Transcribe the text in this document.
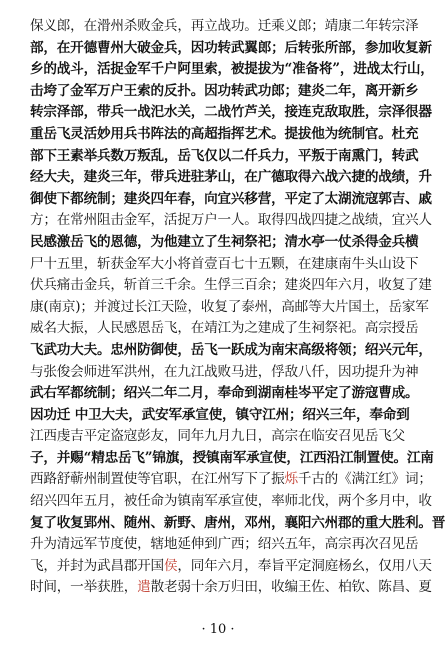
保义郎，在滑州杀败金兵，再立战功。迁乘义郎；靖康二年转宗泽
部，在开德曹州大破金兵，因功转武翼郎；后转张所部，参加收复新
乡的战斗，活捉金军千户阿里索，被提拔为“准备将”，进战太行山，
击垮了金军万户王索的反扑。因功转武功郎；建炎二年，离开新乡
转宗泽部，带兵一战汜水关，二战竹芦关，接连克敌取胜，宗泽很器
重岳飞灵活妙用兵书阵法的高超指挥艺术。提拔他为统制官。杜充
部下王素举兵数万叛乱，岳飞仅以二仟兵力，平叛于南熏门，转武
经大夫，建炎三年，带兵进驻茅山，在广德取得六战六捷的战绩，升
御使下都统制；建炎四年春，向宜兴移营，平定了太湖流寇郭吉、戚
方；在常州阻击金军，活捉万户一人。取得四战四捷之战绩，宜兴人
民感激岳飞的恩德，为他建立了生祠祭祀；清水亭一仗杀得金兵横
尸十五里，斩获金军大小将首壹百七十五颗，在建康南牛头山设下
伏兵痛击金兵，斩首三千余。生俘三百余；建炎四年六月，收复了建
康(南京)；并渡过长江天险，收复了泰州，高邮等大片国土，岳家军
威名大振，人民感恩岳飞，在靖江为之建成了生祠祭祀。高宗授岳
飞武功大夫。忠州防御使，岳飞一跃成为南宋高级将领；绍兴元年，
与张俊会师进军洪州，在九江战败马进，俘敌八仟，因功提升为神
武右军都统制；绍兴二年二月，奉命到湖南桂岑平定了游寇曹成。
因功迁 中卫大夫，武安军承宣使，镇守江州；绍兴三年，奉命到
江西虔吉平定盗寇彭友，同年九月九日，高宗在临安召见岳飞父
子，并赐“精忠岳飞”锦旗，授镇南军承宣使，江西沿江制置使。江南
西路舒蕲州制置使等官职，在江州写下了振烁千古的《满江红》词；
绍兴四年五月，被任命为镇南军承宣使，率师北伐，两个多月中，收
复了收复郢州、随州、新野、唐州，邓州，襄阳六州郡的重大胜利。晋
升为清远军节度使，辖地延伸到广西；绍兴五年，高宗再次召见岳
飞，并封为武昌郡开国侯，同年六月，奉旨平定洞庭杨幺，仅用八天
时间，一举获胜，遣散老弱十余万归田，收编王佐、柏钦、陈昌、夏
· 10 ·
